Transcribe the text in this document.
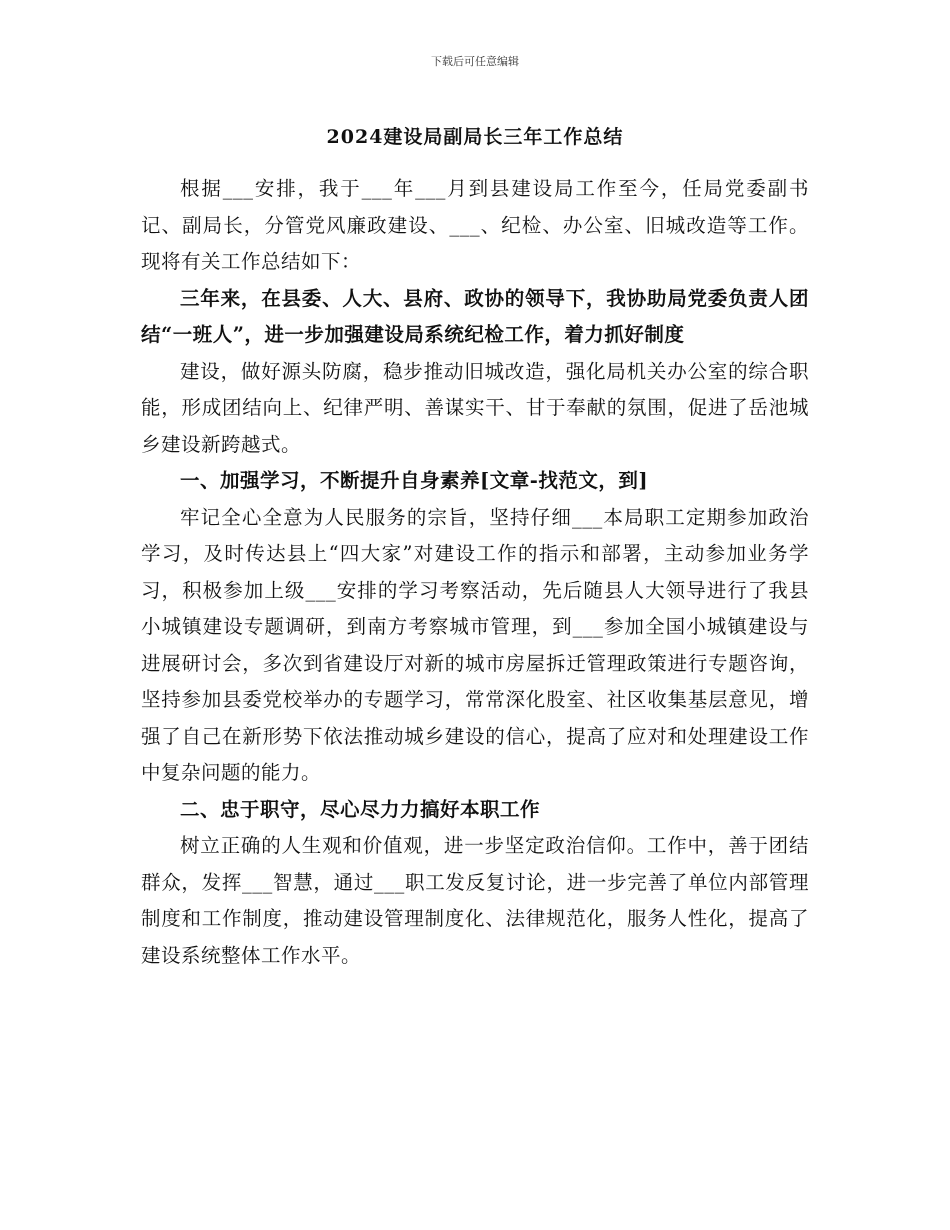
下载后可任意编辑
2024建设局副局长三年工作总结

根据___安排，我于___年___月到县建设局工作至今，任局党委副书记、副局长，分管党风廉政建设、___、纪检、办公室、旧城改造等工作。现将有关工作总结如下：

三年来，在县委、人大、县府、政协的领导下，我协助局党委负责人团结“一班人”，进一步加强建设局系统纪检工作，着力抓好制度

建设，做好源头防腐，稳步推动旧城改造，强化局机关办公室的综合职能，形成团结向上、纪律严明、善谋实干、甘于奉献的氛围，促进了岳池城乡建设新跨越式。

一、加强学习，不断提升自身素养[文章-找范文，到]

牢记全心全意为人民服务的宗旨，坚持仔细___本局职工定期参加政治学习，及时传达县上“四大家”对建设工作的指示和部署，主动参加业务学习，积极参加上级___安排的学习考察活动，先后随县人大领导进行了我县小城镇建设专题调研，到南方考察城市管理，到___参加全国小城镇建设与进展研讨会，多次到省建设厅对新的城市房屋拆迁管理政策进行专题咨询，坚持参加县委党校举办的专题学习，常常深化股室、社区收集基层意见，增强了自己在新形势下依法推动城乡建设的信心，提高了应对和处理建设工作中复杂问题的能力。

二、忠于职守，尽心尽力力搞好本职工作

树立正确的人生观和价值观，进一步坚定政治信仰。工作中，善于团结群众，发挥___智慧，通过___职工发反复讨论，进一步完善了单位内部管理制度和工作制度，推动建设管理制度化、法律规范化，服务人性化，提高了建设系统整体工作水平。
